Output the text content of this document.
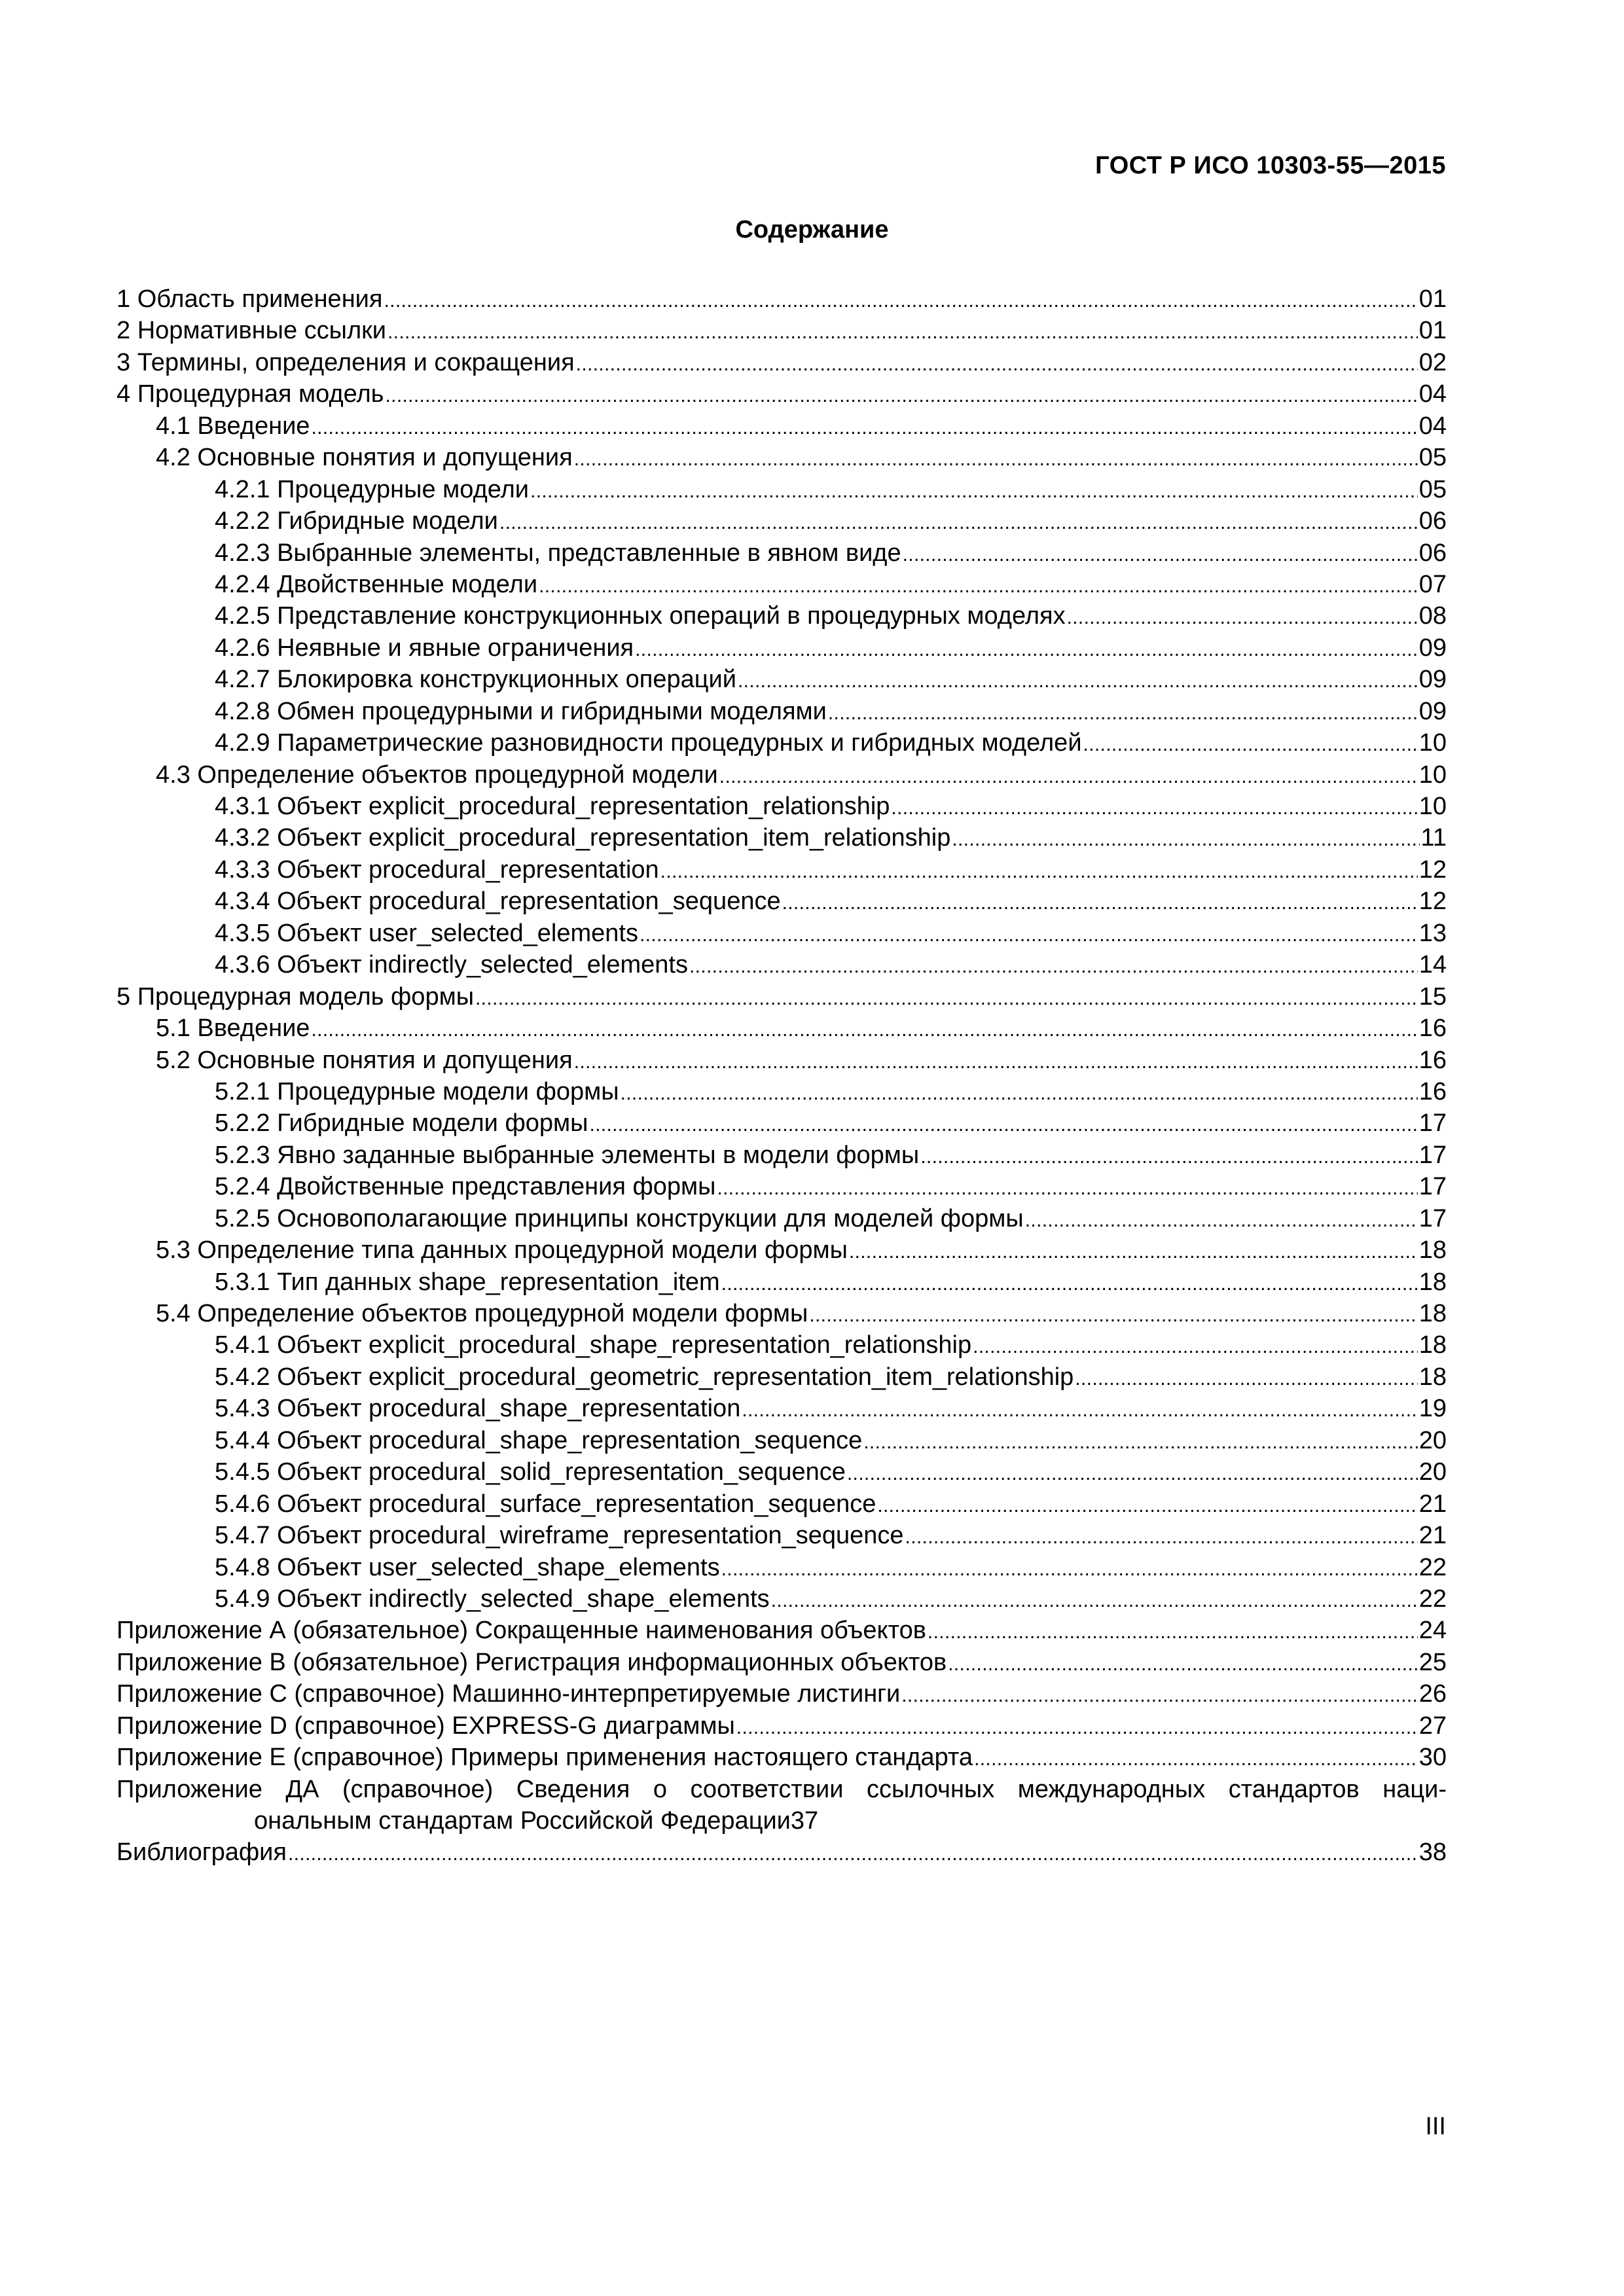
ГОСТ Р ИСО 10303-55—2015
Содержание
1 Область применения . . .	01
2 Нормативные ссылки . . .	01
3 Термины, определения и сокращения . . .	02
4 Процедурная модель . . .	04
4.1 Введение . . .	04
4.2 Основные понятия и допущения . . .	05
4.2.1 Процедурные модели . . .	05
4.2.2 Гибридные модели . . .	06
4.2.3 Выбранные элементы, представленные в явном виде . . .	06
4.2.4 Двойственные модели . . .	07
4.2.5 Представление конструкционных операций в процедурных моделях . . .	08
4.2.6 Неявные и явные ограничения . . .	09
4.2.7 Блокировка конструкционных операций . . .	09
4.2.8 Обмен процедурными и гибридными моделями . . .	09
4.2.9 Параметрические разновидности процедурных и гибридных моделей . . .	10
4.3 Определение объектов процедурной модели . . .	10
4.3.1 Объект explicit_procedural_representation_relationship . . .	10
4.3.2 Объект explicit_procedural_representation_item_relationship . . .	11
4.3.3 Объект procedural_representation . . .	12
4.3.4 Объект procedural_representation_sequence . . .	12
4.3.5 Объект user_selected_elements . . .	13
4.3.6 Объект indirectly_selected_elements . . .	14
5 Процедурная модель формы . . .	15
5.1 Введение . . .	16
5.2 Основные понятия и допущения . . .	16
5.2.1 Процедурные модели формы . . .	16
5.2.2 Гибридные модели формы . . .	17
5.2.3 Явно заданные выбранные элементы в модели формы . . .	17
5.2.4 Двойственные представления формы . . .	17
5.2.5 Основополагающие принципы конструкции для моделей формы . . .	17
5.3 Определение типа данных процедурной модели формы . . .	18
5.3.1 Тип данных shape_representation_item . . .	18
5.4 Определение объектов процедурной модели формы . . .	18
5.4.1 Объект explicit_procedural_shape_representation_relationship . . .	18
5.4.2 Объект explicit_procedural_geometric_representation_item_relationship . . .	18
5.4.3 Объект procedural_shape_representation . . .	19
5.4.4 Объект procedural_shape_representation_sequence . . .	20
5.4.5 Объект procedural_solid_representation_sequence . . .	20
5.4.6 Объект procedural_surface_representation_sequence . . .	21
5.4.7 Объект procedural_wireframe_representation_sequence . . .	21
5.4.8 Объект user_selected_shape_elements . . .	22
5.4.9 Объект indirectly_selected_shape_elements . . .	22
Приложение А (обязательное) Сокращенные наименования объектов . . .	24
Приложение В (обязательное) Регистрация информационных объектов . . .	25
Приложение С (справочное) Машинно-интерпретируемые листинги . . .	26
Приложение D (справочное) EXPRESS-G диаграммы . . .	27
Приложение Е (справочное) Примеры применения настоящего стандарта . . .	30
Приложение ДА (справочное) Сведения о соответствии ссылочных международных стандартов наци-
ональным стандартам Российской Федерации 37
Библиография . . .	38
III
